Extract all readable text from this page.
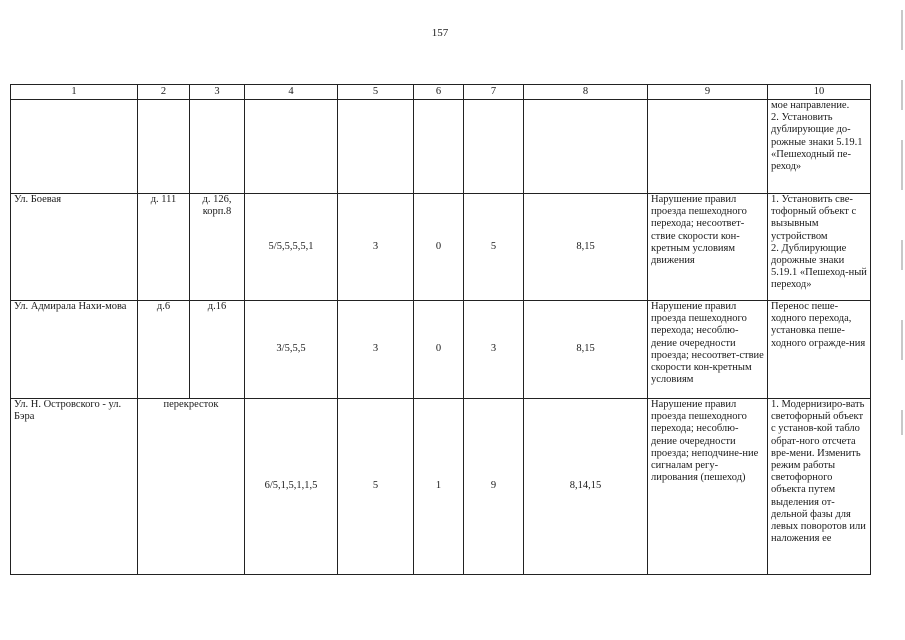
157
1	2	3	4	5	6	7	8	9	10
									мое направление.
2. Установить дублирующие до-рожные знаки 5.19.1 «Пешеходный пе-реход»
Ул. Боевая	д. 111	д. 126, корп.8	5/5,5,5,5,1	3	0	5	8,15	Нарушение правил проезда пешеходного перехода; несоответ-ствие скорости кон-кретным условиям движения	1. Установить све-тофорный объект с вызывным устройством
2. Дублирующие дорожные знаки 5.19.1 «Пешеход-ный переход»
Ул. Адмирала Нахи-мова	д.6	д.16	3/5,5,5	3	0	3	8,15	Нарушение правил проезда пешеходного перехода; несоблю-дение очередности проезда; несоответ-ствие скорости кон-кретным условиям	Перенос пеше-ходного перехода, установка пеше-ходного огражде-ния
Ул. Н. Островского - ул. Бэра	перекресток		6/5,1,5,1,1,5	5	1	9	8,14,15	Нарушение правил проезда пешеходного перехода; несоблю-дение очередности проезда; неподчине-ние сигналам регу-лирования (пешеход)	1. Модернизиро-вать светофорный объект с установ-кой табло обрат-ного отсчета вре-мени. Изменить режим работы светофорного объекта путем выделения от-дельной фазы для левых поворотов или наложения ее
